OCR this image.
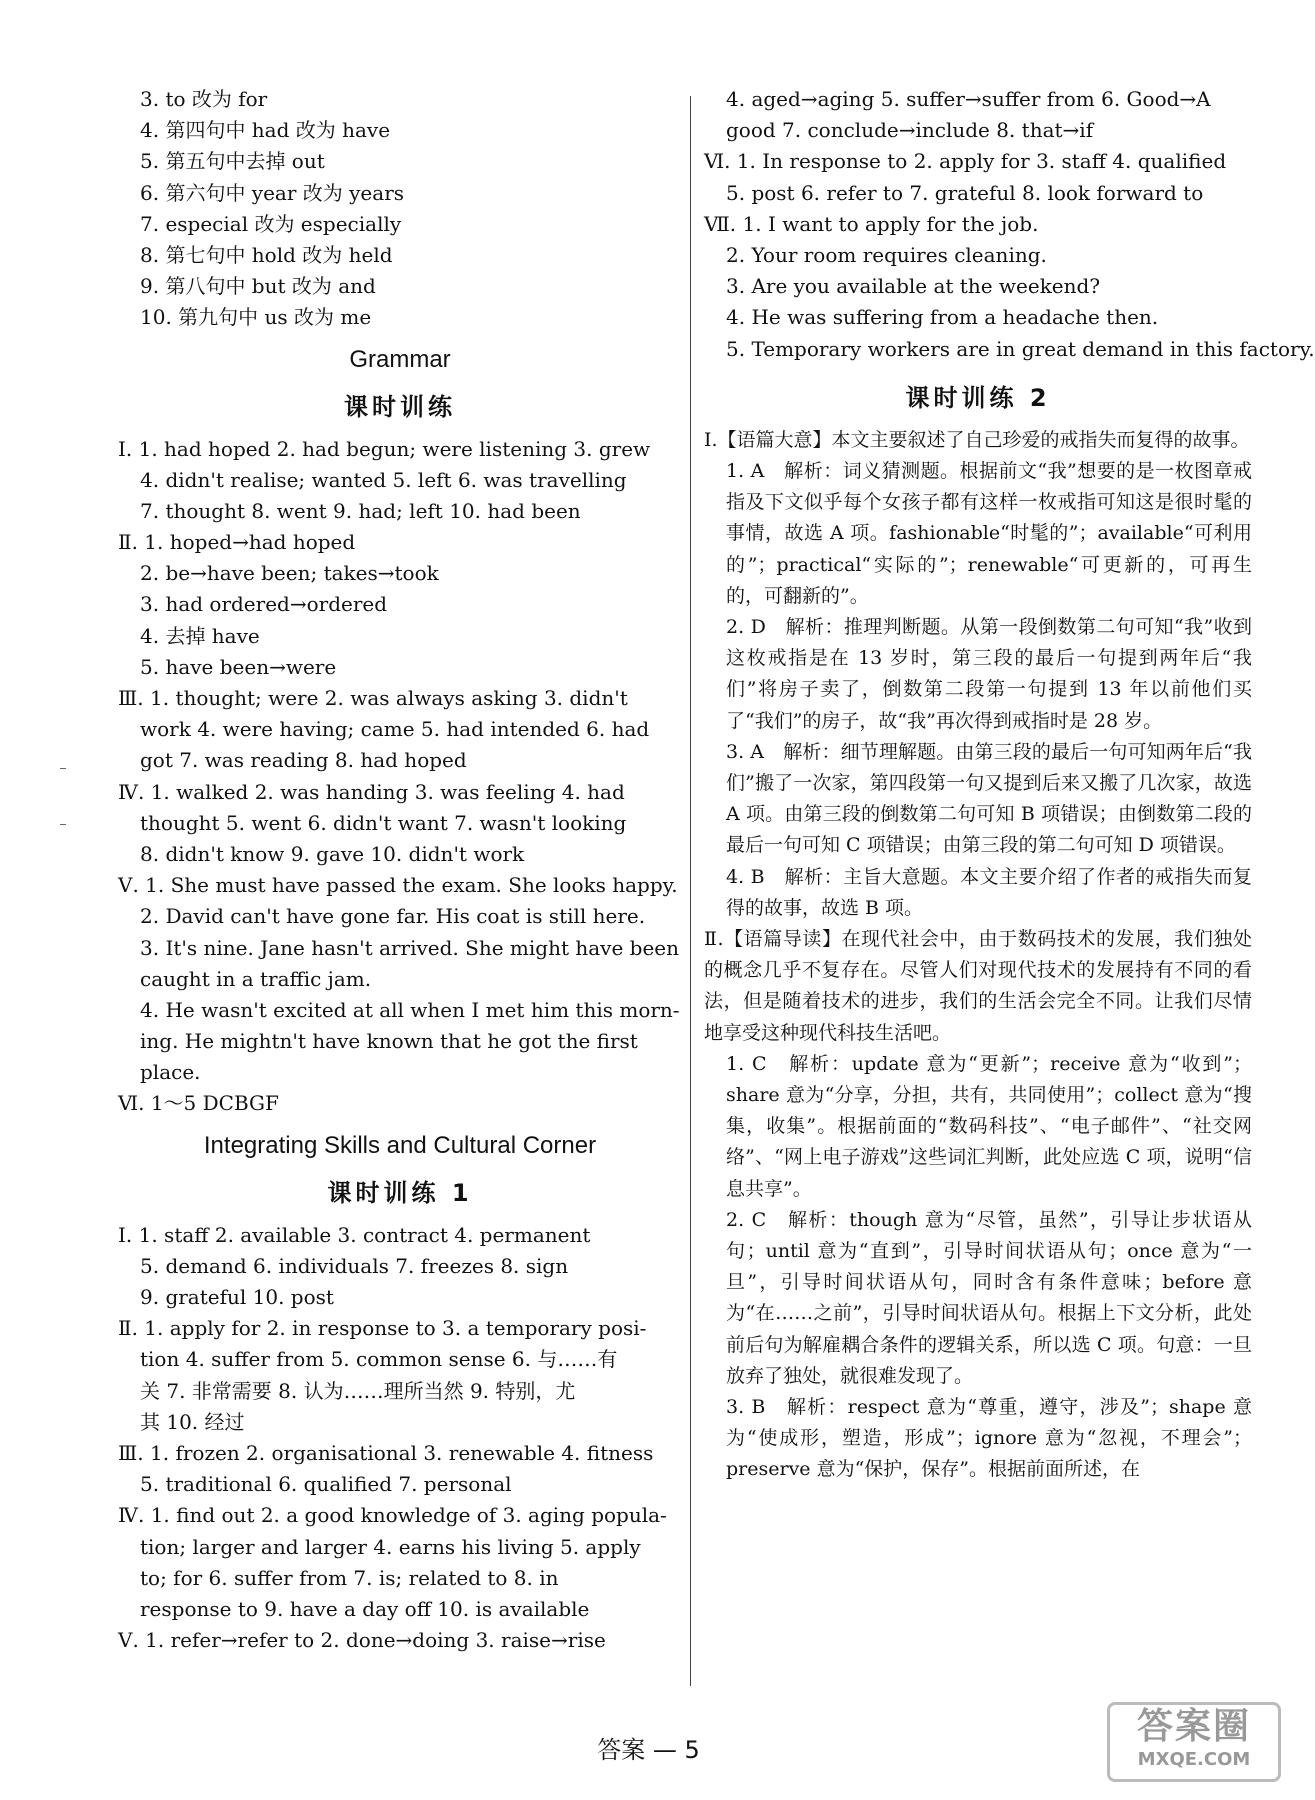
3. to 改为 for
4. 第四句中 had 改为 have
5. 第五句中去掉 out
6. 第六句中 year 改为 years
7. especial 改为 especially
8. 第七句中 hold 改为 held
9. 第八句中 but 改为 and
10. 第九句中 us 改为 me
Grammar
课时训练
Ⅰ. 1. had hoped 2. had begun; were listening 3. grew
4. didn't realise; wanted 5. left 6. was travelling
7. thought 8. went 9. had; left 10. had been
Ⅱ. 1. hoped→had hoped
2. be→have been; takes→took
3. had ordered→ordered
4. 去掉 have
5. have been→were
Ⅲ. 1. thought; were 2. was always asking 3. didn't
work 4. were having; came 5. had intended 6. had
got 7. was reading 8. had hoped
Ⅳ. 1. walked 2. was handing 3. was feeling 4. had
thought 5. went 6. didn't want 7. wasn't looking
8. didn't know 9. gave 10. didn't work
Ⅴ. 1. She must have passed the exam. She looks happy.
2. David can't have gone far. His coat is still here.
3. It's nine. Jane hasn't arrived. She might have been
caught in a traffic jam.
4. He wasn't excited at all when I met him this morn-
ing. He mightn't have known that he got the first
place.
Ⅵ. 1～5 DCBGF
Integrating Skills and Cultural Corner
课时训练 1
Ⅰ. 1. staff 2. available 3. contract 4. permanent
5. demand 6. individuals 7. freezes 8. sign
9. grateful 10. post
Ⅱ. 1. apply for 2. in response to 3. a temporary posi-
tion 4. suffer from 5. common sense 6. 与……有
关 7. 非常需要 8. 认为……理所当然 9. 特别，尤
其 10. 经过
Ⅲ. 1. frozen 2. organisational 3. renewable 4. fitness
5. traditional 6. qualified 7. personal
Ⅳ. 1. find out 2. a good knowledge of 3. aging popula-
tion; larger and larger 4. earns his living 5. apply
to; for 6. suffer from 7. is; related to 8. in
response to 9. have a day off 10. is available
Ⅴ. 1. refer→refer to 2. done→doing 3. raise→rise
4. aged→aging 5. suffer→suffer from 6. Good→A
good 7. conclude→include 8. that→if
Ⅵ. 1. In response to 2. apply for 3. staff 4. qualified
5. post 6. refer to 7. grateful 8. look forward to
Ⅶ. 1. I want to apply for the job.
2. Your room requires cleaning.
3. Are you available at the weekend?
4. He was suffering from a headache then.
5. Temporary workers are in great demand in this factory.
课时训练 2

Ⅰ.【语篇大意】本文主要叙述了自己珍爱的戒指失而复得的故事。

1. A　解析：词义猜测题。根据前文“我”想要的是一枚图章戒指及下文似乎每个女孩子都有这样一枚戒指可知这是很时髦的事情，故选 A 项。fashionable“时髦的”；available“可利用的”；practical“实际的”；renewable“可更新的，可再生的，可翻新的”。

2. D　解析：推理判断题。从第一段倒数第二句可知“我”收到这枚戒指是在 13 岁时，第三段的最后一句提到两年后“我们”将房子卖了，倒数第二段第一句提到 13 年以前他们买了“我们”的房子，故“我”再次得到戒指时是 28 岁。

3. A　解析：细节理解题。由第三段的最后一句可知两年后“我们”搬了一次家，第四段第一句又提到后来又搬了几次家，故选 A 项。由第三段的倒数第二句可知 B 项错误；由倒数第二段的最后一句可知 C 项错误；由第三段的第二句可知 D 项错误。

4. B　解析：主旨大意题。本文主要介绍了作者的戒指失而复得的故事，故选 B 项。

Ⅱ.【语篇导读】在现代社会中，由于数码技术的发展，我们独处的概念几乎不复存在。尽管人们对现代技术的发展持有不同的看法，但是随着技术的进步，我们的生活会完全不同。让我们尽情地享受这种现代科技生活吧。

1. C　解析：update 意为“更新”；receive 意为“收到”；share 意为“分享，分担，共有，共同使用”；collect 意为“搜集，收集”。根据前面的“数码科技”、“电子邮件”、“社交网络”、“网上电子游戏”这些词汇判断，此处应选 C 项，说明“信息共享”。

2. C　解析：though 意为“尽管，虽然”，引导让步状语从句；until 意为“直到”，引导时间状语从句；once 意为“一旦”，引导时间状语从句，同时含有条件意味；before 意为“在……之前”，引导时间状语从句。根据上下文分析，此处前后句为解雇耦合条件的逻辑关系，所以选 C 项。句意：一旦放弃了独处，就很难发现了。

3. B　解析：respect 意为“尊重，遵守，涉及”；shape 意为“使成形，塑造，形成”；ignore 意为“忽视，不理会”；preserve 意为“保护，保存”。根据前面所述，在

答案 — 5
答案圈
MXQE.COM
